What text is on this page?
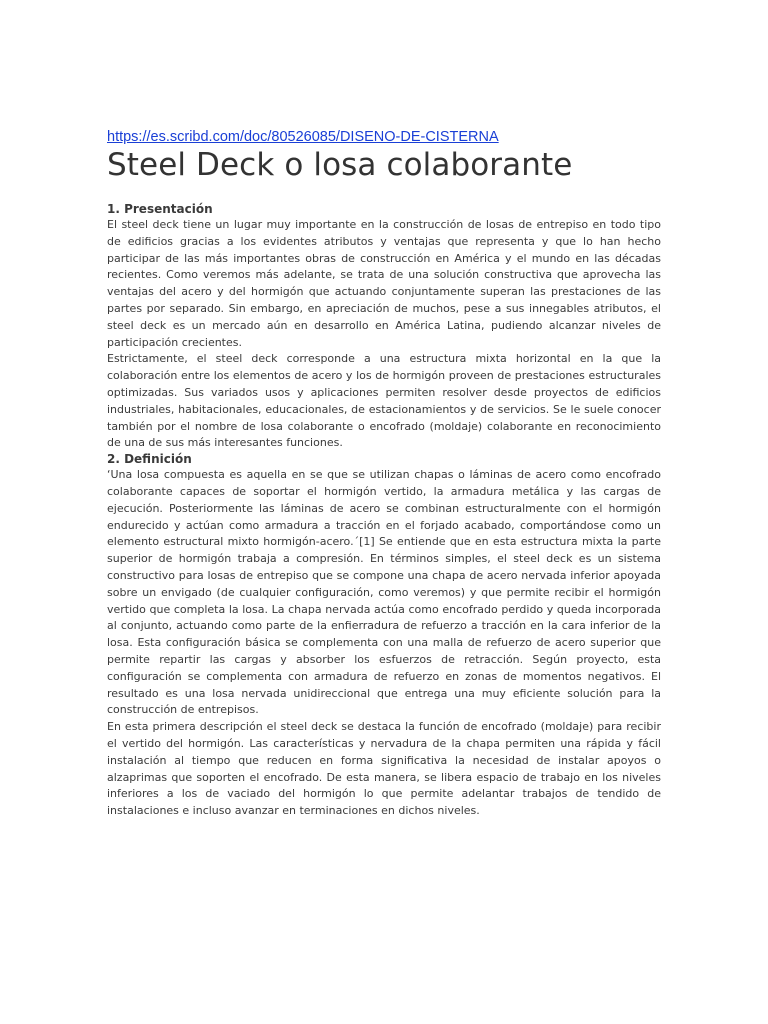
https://es.scribd.com/doc/80526085/DISENO-DE-CISTERNA
Steel Deck o losa colaborante
1. Presentación

El steel deck tiene un lugar muy importante en la construcción de losas de entrepiso en todo tipo de edificios gracias a los evidentes atributos y ventajas que representa y que lo han hecho participar de las más importantes obras de construcción en América y el mundo en las décadas recientes. Como veremos más adelante, se trata de una solución constructiva que aprovecha las ventajas del acero y del hormigón que actuando conjuntamente superan las prestaciones de las partes por separado. Sin embargo, en apreciación de muchos, pese a sus innegables atributos, el steel deck es un mercado aún en desarrollo en América Latina, pudiendo alcanzar niveles de participación crecientes.

Estrictamente, el steel deck corresponde a una estructura mixta horizontal en la que la colaboración entre los elementos de acero y los de hormigón proveen de prestaciones estructurales optimizadas. Sus variados usos y aplicaciones permiten resolver desde proyectos de edificios industriales, habitacionales, educacionales, de estacionamientos y de servicios. Se le suele conocer también por el nombre de losa colaborante o encofrado (moldaje) colaborante en reconocimiento de una de sus más interesantes funciones.

2. Definición

‘Una losa compuesta es aquella en se que se utilizan chapas o láminas de acero como encofrado colaborante capaces de soportar el hormigón vertido, la armadura metálica y las cargas de ejecución. Posteriormente las láminas de acero se combinan estructuralmente con el hormigón endurecido y actúan como armadura a tracción en el forjado acabado, comportándose como un elemento estructural mixto hormigón-acero.´[1] Se entiende que en esta estructura mixta la parte superior de hormigón trabaja a compresión. En términos simples, el steel deck es un sistema constructivo para losas de entrepiso que se compone una chapa de acero nervada inferior apoyada sobre un envigado (de cualquier configuración, como veremos) y que permite recibir el hormigón vertido que completa la losa. La chapa nervada actúa como encofrado perdido y queda incorporada al conjunto, actuando como parte de la enfierradura de refuerzo a tracción en la cara inferior de la losa. Esta configuración básica se complementa con una malla de refuerzo de acero superior que permite repartir las cargas y absorber los esfuerzos de retracción. Según proyecto, esta configuración se complementa con armadura de refuerzo en zonas de momentos negativos. El resultado es una losa nervada unidireccional que entrega una muy eficiente solución para la construcción de entrepisos.

En esta primera descripción el steel deck se destaca la función de encofrado (moldaje) para recibir el vertido del hormigón. Las características y nervadura de la chapa permiten una rápida y fácil instalación al tiempo que reducen en forma significativa la necesidad de instalar apoyos o alzaprimas que soporten el encofrado. De esta manera, se libera espacio de trabajo en los niveles inferiores a los de vaciado del hormigón lo que permite adelantar trabajos de tendido de instalaciones e incluso avanzar en terminaciones en dichos niveles.
